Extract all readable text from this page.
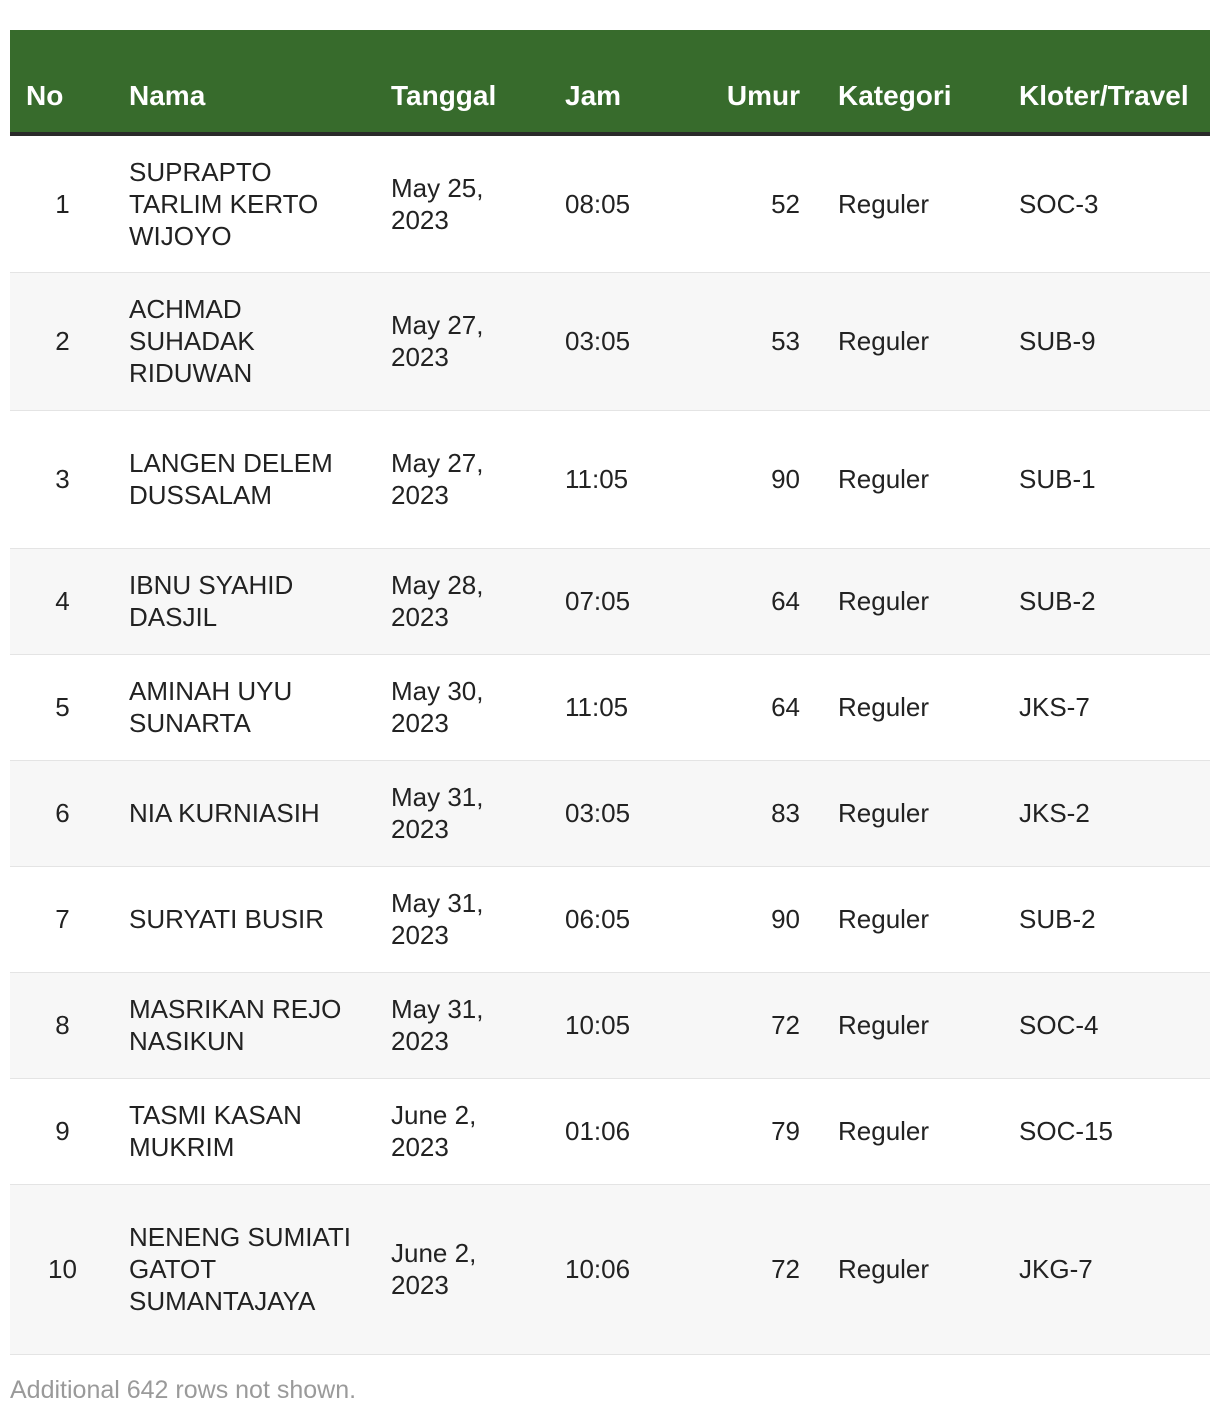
No	Nama	Tanggal	Jam	Umur	Kategori	Kloter/Travel
1	SUPRAPTO TARLIM KERTO WIJOYO	May 25, 2023	08:05	52	Reguler	SOC-3
2	ACHMAD SUHADAK RIDUWAN	May 27, 2023	03:05	53	Reguler	SUB-9
3	LANGEN DELEM DUSSALAM	May 27, 2023	11:05	90	Reguler	SUB-1
4	IBNU SYAHID DASJIL	May 28, 2023	07:05	64	Reguler	SUB-2
5	AMINAH UYU SUNARTA	May 30, 2023	11:05	64	Reguler	JKS-7
6	NIA KURNIASIH	May 31, 2023	03:05	83	Reguler	JKS-2
7	SURYATI BUSIR	May 31, 2023	06:05	90	Reguler	SUB-2
8	MASRIKAN REJO NASIKUN	May 31, 2023	10:05	72	Reguler	SOC-4
9	TASMI KASAN MUKRIM	June 2, 2023	01:06	79	Reguler	SOC-15
10	NENENG SUMIATI GATOT SUMANTAJAYA	June 2, 2023	10:06	72	Reguler	JKG-7
Additional 642 rows not shown.
